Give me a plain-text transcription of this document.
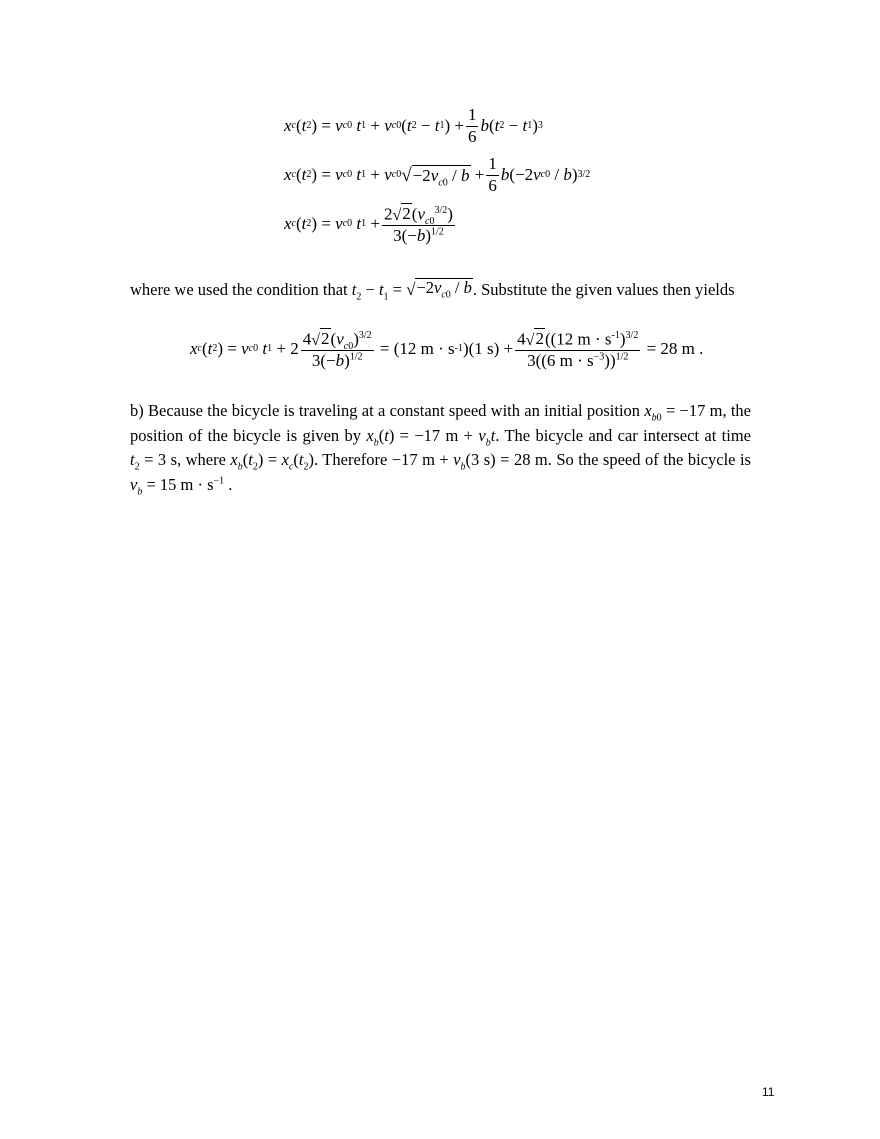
x c ( t 2 ) = v c 0
t 1 + v c 0 ( t 2 − t 1 ) + $\frac{1}{6}$ b ( t 2 − t 1 ) 3
x c ( t 2 ) = v c 0
t 1 + v c 0 √ $-2v_{c0} / b + \frac{1}{6}$ b (−2 v c 0 / b ) 3/2
x c ( t 2 ) = v c 0
t $1 + \frac{2 √ 2 (v_{c0}^{3/2})}{3(-b)^{1/2}}$
where we used the condition that $t_2 - t_1$ = √ $-2v_{c0} / b$ . Substitute the given values then yields
x c ( t 2 ) = v c 0
t $1 + 2 \frac{4 √ 2 (v_{c0})^{3/2}}{3(-b)^{1/2}} = (12$ m · s -1 )(1 $s) + \frac{4 √ 2 ((12 m \cdot s^{-1})^{3/2}}{3((6 m \cdot s^{-3}))^{1/2}} = 28$ m .
b) Because the bicycle is traveling at a constant speed with an initial position $x_{b0} = -17$ m, the position of the bicycle is given by $x_b(t) = -17$ $m + v_bt$. The bicycle and car intersect at time $t_2 = 3$ s, where $x_b(t_2) = x_c(t_2)$. Therefore −17 $m + v_b(3$ s) = 28 m. So the speed of the bicycle is $v_b = 15$ $m \cdot s^{-1}$ .
11
